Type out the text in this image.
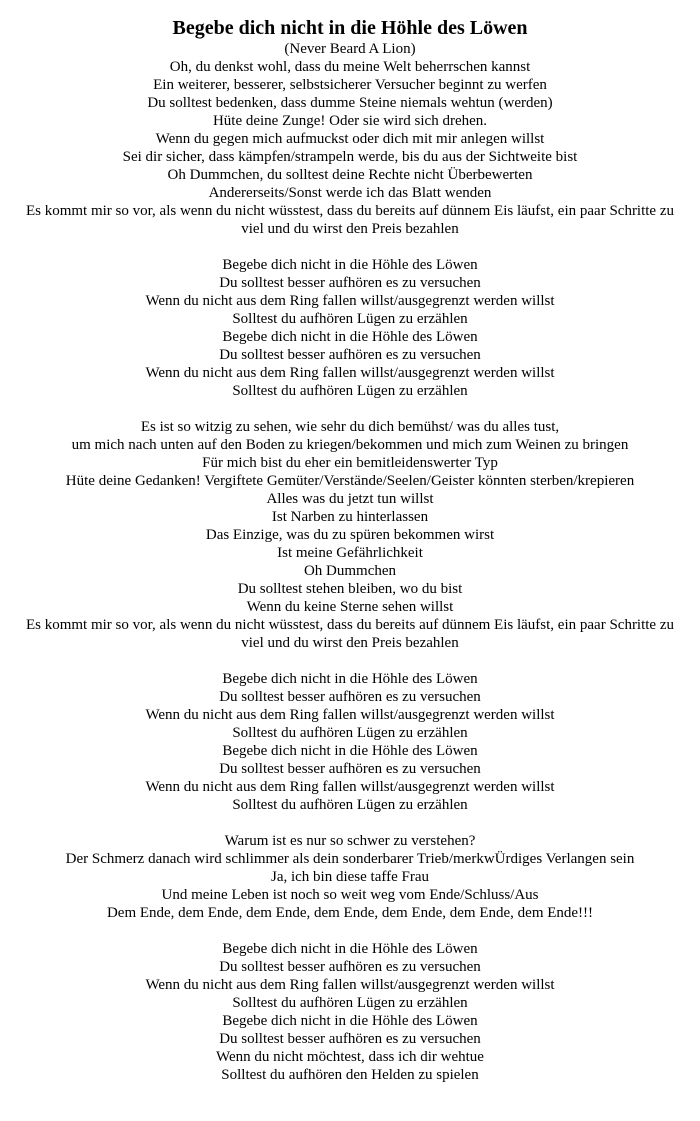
Begebe dich nicht in die Höhle des Löwen

(Never Beard A Lion)

Oh, du denkst wohl, dass du meine Welt beherrschen kannst

Ein weiterer, besserer, selbstsicherer Versucher beginnt zu werfen

Du solltest bedenken, dass dumme Steine niemals wehtun (werden)

Hüte deine Zunge! Oder sie wird sich drehen.

Wenn du gegen mich aufmuckst oder dich mit mir anlegen willst

Sei dir sicher, dass kämpfen/strampeln werde, bis du aus der Sichtweite bist

Oh Dummchen, du solltest deine Rechte nicht Überbewerten

Andererseits/Sonst werde ich das Blatt wenden

Es kommt mir so vor, als wenn du nicht wüsstest, dass du bereits auf dünnem Eis läufst, ein paar Schritte zu viel und du wirst den Preis bezahlen

Begebe dich nicht in die Höhle des Löwen

Du solltest besser aufhören es zu versuchen

Wenn du nicht aus dem Ring fallen willst/ausgegrenzt werden willst

Solltest du aufhören Lügen zu erzählen

Begebe dich nicht in die Höhle des Löwen

Du solltest besser aufhören es zu versuchen

Wenn du nicht aus dem Ring fallen willst/ausgegrenzt werden willst

Solltest du aufhören Lügen zu erzählen

Es ist so witzig zu sehen, wie sehr du dich bemühst/ was du alles tust,

um mich nach unten auf den Boden zu kriegen/bekommen und mich zum Weinen zu bringen

Für mich bist du eher ein bemitleidenswerter Typ

Hüte deine Gedanken! Vergiftete Gemüter/Verstände/Seelen/Geister könnten sterben/krepieren

Alles was du jetzt tun willst

Ist Narben zu hinterlassen

Das Einzige, was du zu spüren bekommen wirst

Ist meine Gefährlichkeit

Oh Dummchen

Du solltest stehen bleiben, wo du bist

Wenn du keine Sterne sehen willst

Es kommt mir so vor, als wenn du nicht wüsstest, dass du bereits auf dünnem Eis läufst, ein paar Schritte zu viel und du wirst den Preis bezahlen

Begebe dich nicht in die Höhle des Löwen

Du solltest besser aufhören es zu versuchen

Wenn du nicht aus dem Ring fallen willst/ausgegrenzt werden willst

Solltest du aufhören Lügen zu erzählen

Begebe dich nicht in die Höhle des Löwen

Du solltest besser aufhören es zu versuchen

Wenn du nicht aus dem Ring fallen willst/ausgegrenzt werden willst

Solltest du aufhören Lügen zu erzählen

Warum ist es nur so schwer zu verstehen?

Der Schmerz danach wird schlimmer als dein sonderbarer Trieb/merkwÜrdiges Verlangen sein

Ja, ich bin diese taffe Frau

Und meine Leben ist noch so weit weg vom Ende/Schluss/Aus

Dem Ende, dem Ende, dem Ende, dem Ende, dem Ende, dem Ende, dem Ende!!!

Begebe dich nicht in die Höhle des Löwen

Du solltest besser aufhören es zu versuchen

Wenn du nicht aus dem Ring fallen willst/ausgegrenzt werden willst

Solltest du aufhören Lügen zu erzählen

Begebe dich nicht in die Höhle des Löwen

Du solltest besser aufhören es zu versuchen

Wenn du nicht möchtest, dass ich dir wehtue

Solltest du aufhören den Helden zu spielen
